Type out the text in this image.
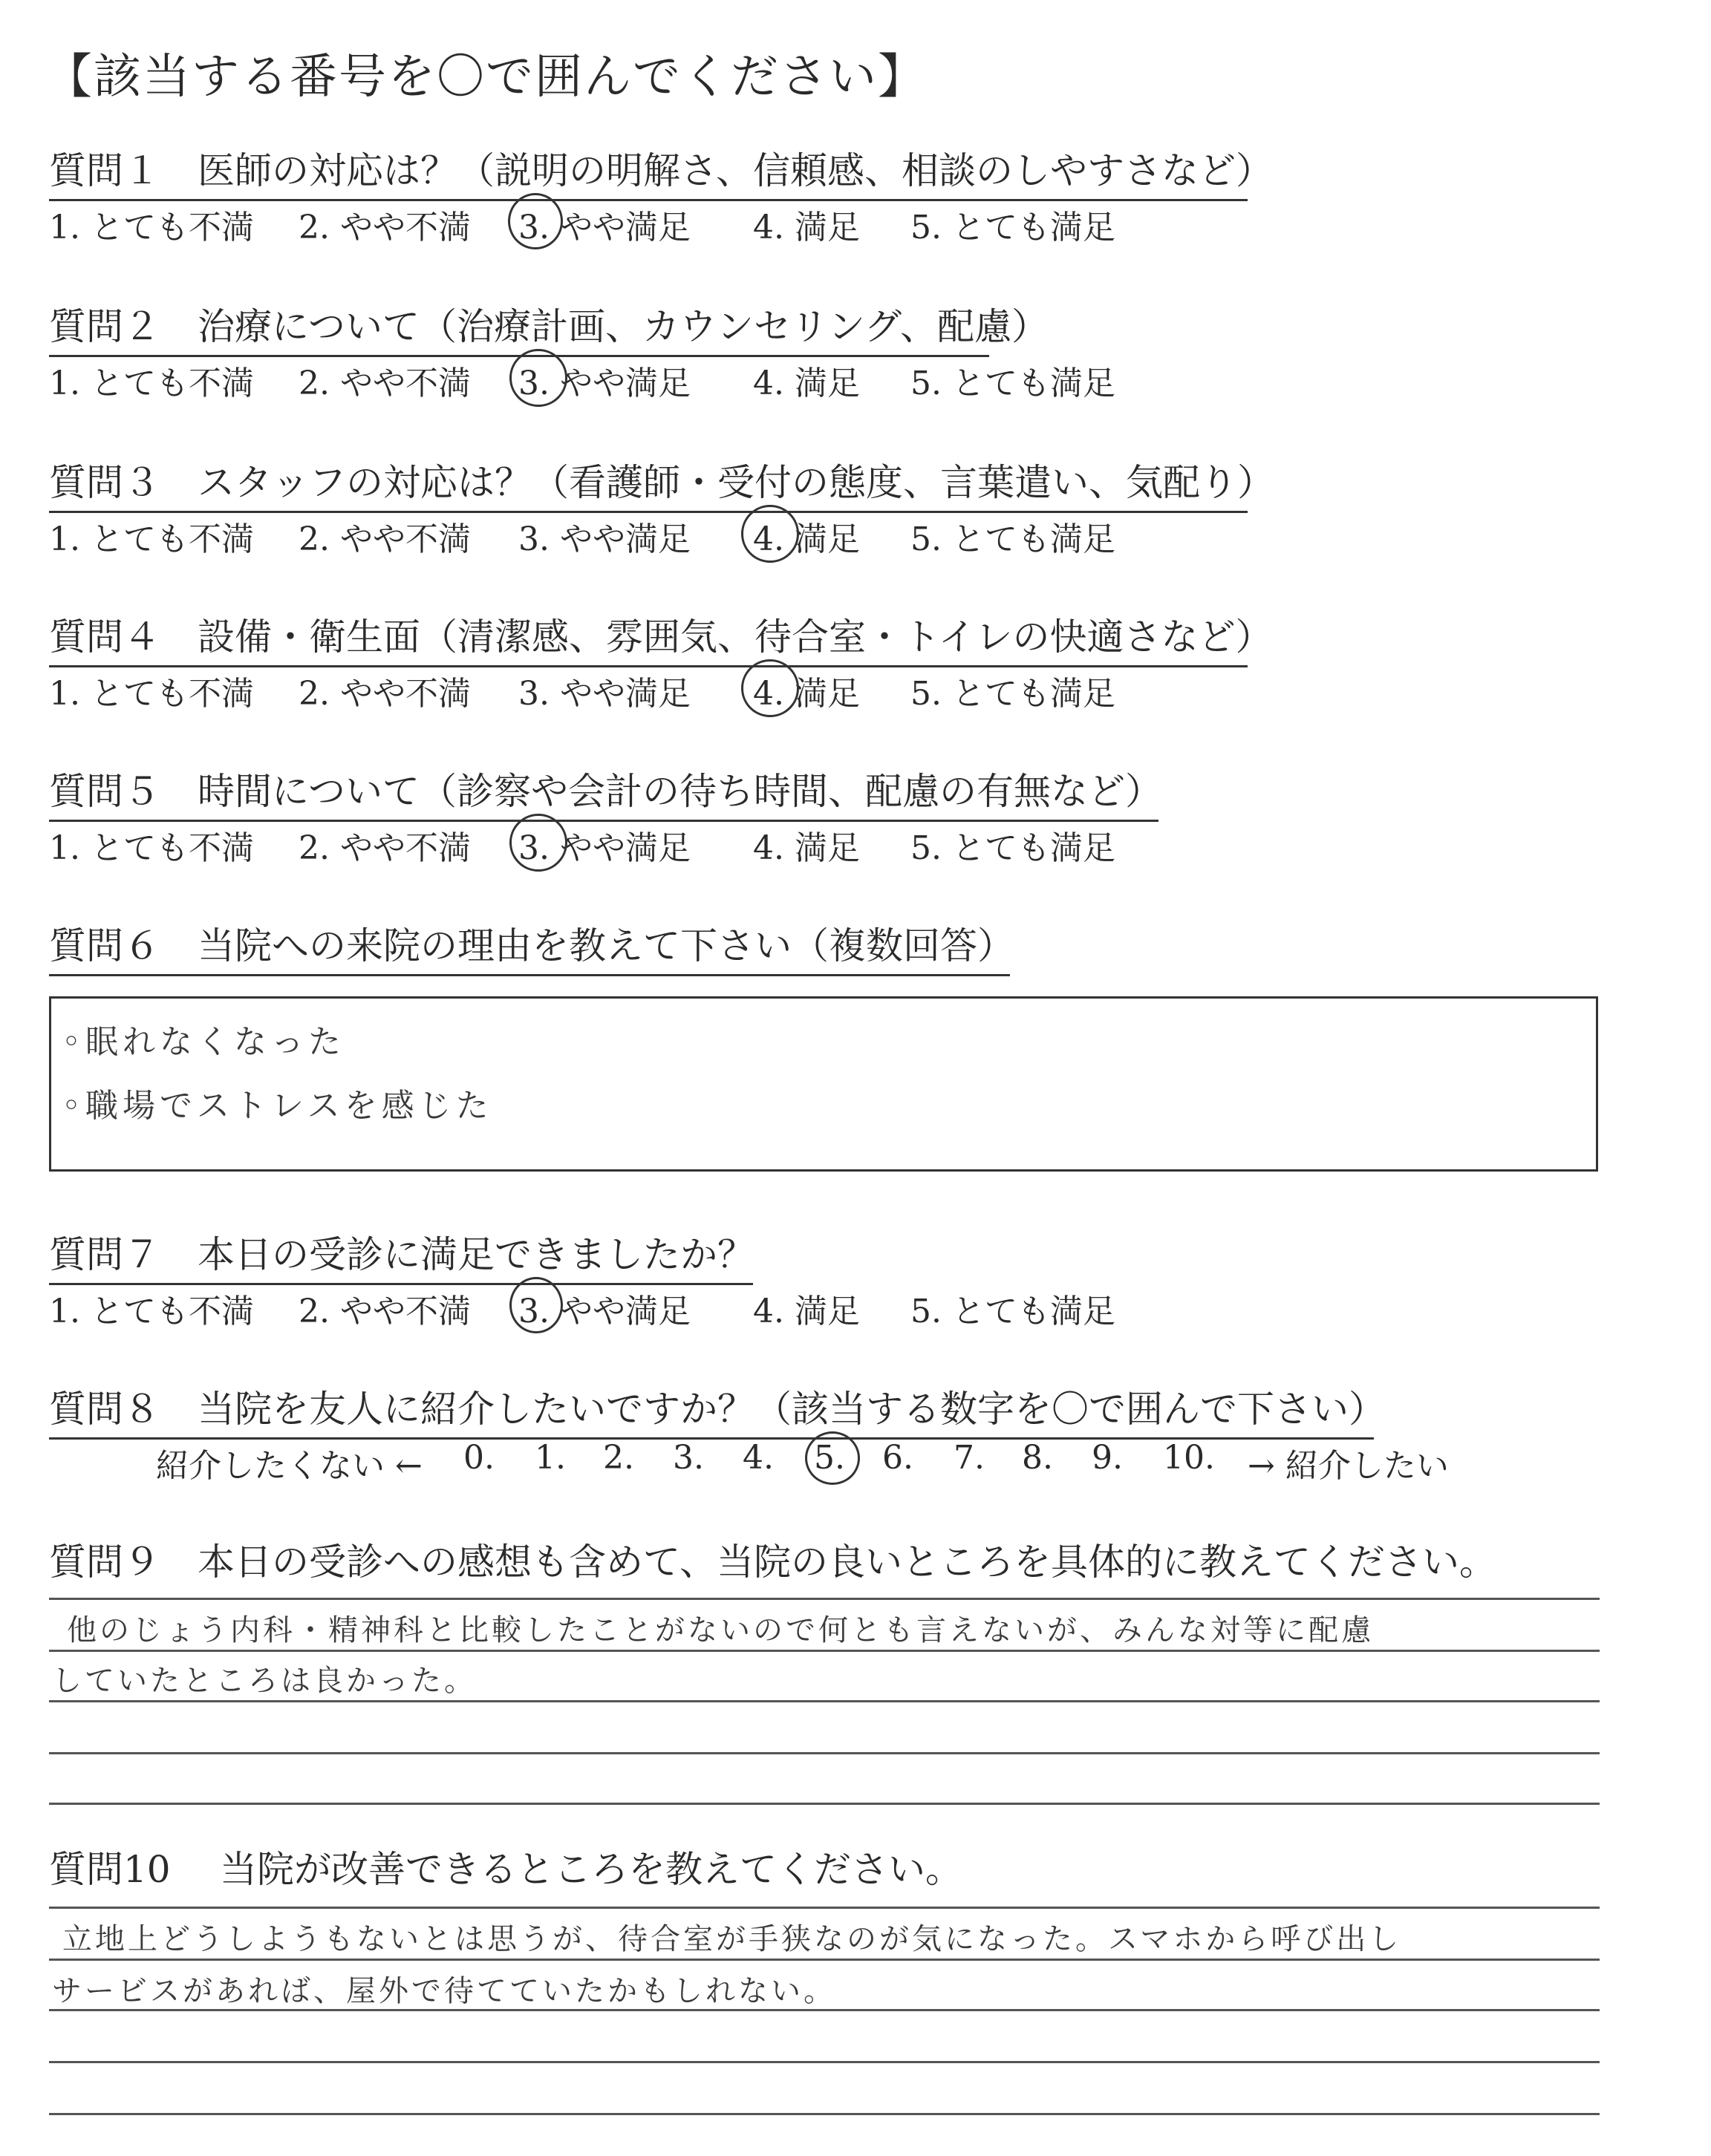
【該当する番号を〇で囲んでください】
質問１ 医師の対応は？（説明の明解さ、信頼感、相談のしやすさなど）
1. とても不満 2. やや不満 3. やや満足 4. 満足 5. とても満足
質問２ 治療について（治療計画、カウンセリング、配慮）
1. とても不満 2. やや不満 3. やや満足 4. 満足 5. とても満足
質問３ スタッフの対応は？（看護師・受付の態度、言葉遣い、気配り）
1. とても不満 2. やや不満 3. やや満足 4. 満足 5. とても満足
質問４ 設備・衛生面（清潔感、雰囲気、待合室・トイレの快適さなど）
1. とても不満 2. やや不満 3. やや満足 4. 満足 5. とても満足
質問５ 時間について（診察や会計の待ち時間、配慮の有無など）
1. とても不満 2. やや不満 3. やや満足 4. 満足 5. とても満足
質問６ 当院への来院の理由を教えて下さい（複数回答）
◦眠れなくなった
◦職場でストレスを感じた
質問７ 本日の受診に満足できましたか？
1. とても不満 2. やや不満 3. やや満足 4. 満足 5. とても満足
質問８ 当院を友人に紹介したいですか？（該当する数字を〇で囲んで下さい）
紹介したくない ← 0. 1. 2. 3. 4. 5. 6. 7. 8. 9. 10. → 紹介したい
質問９ 本日の受診への感想も含めて、当院の良いところを具体的に教えてください。
他のじょう内科・精神科と比較したことがないので何とも言えないが、みんな対等に配慮
していたところは良かった。
質問10 当院が改善できるところを教えてください。
立地上どうしようもないとは思うが、待合室が手狭なのが気になった。スマホから呼び出し
サービスがあれば、屋外で待てていたかもしれない。
